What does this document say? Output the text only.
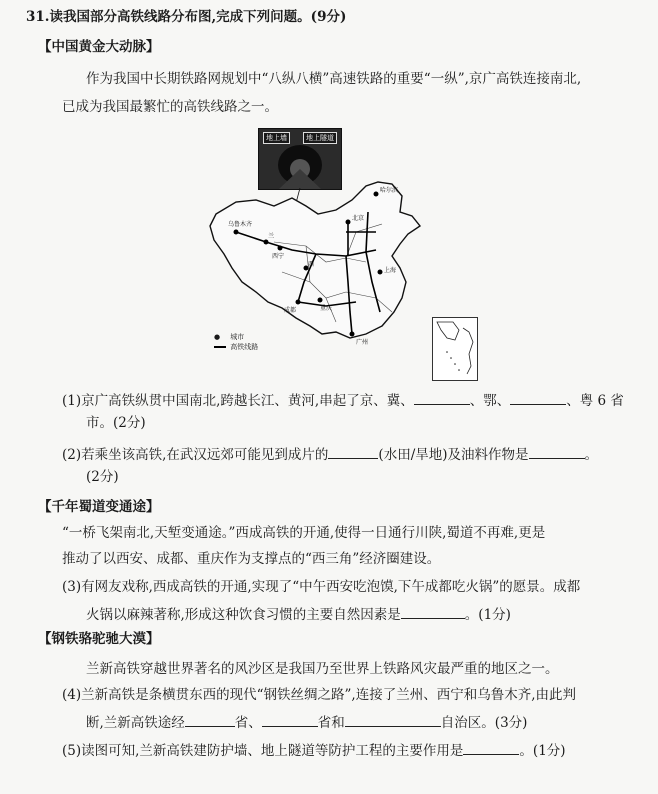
31.读我国部分高铁线路分布图,完成下列问题。(9分)
【中国黄金大动脉】
作为我国中长期铁路网规划中“八纵八横”高速铁路的重要“一纵”,京广高铁连接南北,
已成为我国最繁忙的高铁线路之一。
地上墙	地上隧道
乌鲁木齐
兰
西宁
哈尔滨
北京
西
成都	重庆
上海
广州
● 城市
高铁线路
(1)京广高铁纵贯中国南北,跨越长江、黄河,串起了京、冀、	、鄂、	、粤 6 省
市。(2分)
(2)若乘坐该高铁,在武汉远郊可能见到成片的	(水田/旱地)及油料作物是	。
(2分)
【千年蜀道变通途】
“一桥飞架南北,天堑变通途。”西成高铁的开通,使得一日通行川陕,蜀道不再难,更是
推动了以西安、成都、重庆作为支撑点的“西三角”经济圈建设。
(3)有网友戏称,西成高铁的开通,实现了“中午西安吃泡馍,下午成都吃火锅”的愿景。成都
火锅以麻辣著称,形成这种饮食习惯的主要自然因素是	。(1分)
【钢铁骆驼驰大漠】
兰新高铁穿越世界著名的风沙区是我国乃至世界上铁路风灾最严重的地区之一。
(4)兰新高铁是条横贯东西的现代“钢铁丝绸之路”,连接了兰州、西宁和乌鲁木齐,由此判
断,兰新高铁途经	省、	省和	自治区。(3分)
(5)读图可知,兰新高铁建防护墙、地上隧道等防护工程的主要作用是	。(1分)
